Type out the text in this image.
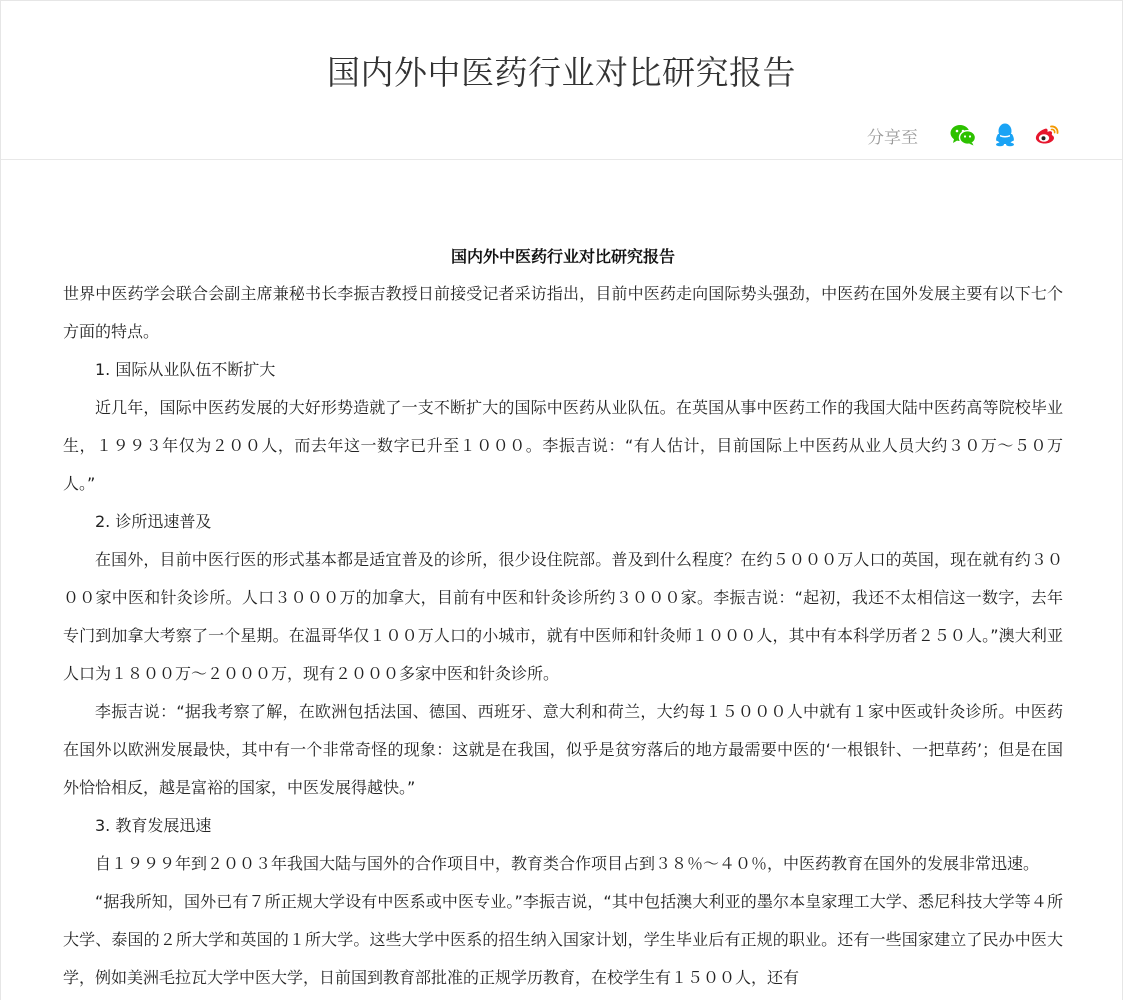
国内外中医药行业对比研究报告
分享至
国内外中医药行业对比研究报告

世界中医药学会联合会副主席兼秘书长李振吉教授日前接受记者采访指出，目前中医药走向国际势头强劲，中医药在国外发展主要有以下七个方面的特点。

1. 国际从业队伍不断扩大

近几年，国际中医药发展的大好形势造就了一支不断扩大的国际中医药从业队伍。在英国从事中医药工作的我国大陆中医药高等院校毕业生，１９９３年仅为２００人，而去年这一数字已升至１０００。李振吉说：“有人估计，目前国际上中医药从业人员大约３０万～５０万人。”

2. 诊所迅速普及

在国外，目前中医行医的形式基本都是适宜普及的诊所，很少设住院部。普及到什么程度？在约５０００万人口的英国，现在就有约３０００家中医和针灸诊所。人口３０００万的加拿大，目前有中医和针灸诊所约３０００家。李振吉说：“起初，我还不太相信这一数字，去年专门到加拿大考察了一个星期。在温哥华仅１００万人口的小城市，就有中医师和针灸师１０００人，其中有本科学历者２５０人。”澳大利亚人口为１８００万～２０００万，现有２０００多家中医和针灸诊所。

李振吉说：“据我考察了解，在欧洲包括法国、德国、西班牙、意大利和荷兰，大约每１５０００人中就有１家中医或针灸诊所。中医药在国外以欧洲发展最快，其中有一个非常奇怪的现象：这就是在我国，似乎是贫穷落后的地方最需要中医的‘一根银针、一把草药’；但是在国外恰恰相反，越是富裕的国家，中医发展得越快。”

3. 教育发展迅速

自１９９９年到２００３年我国大陆与国外的合作项目中，教育类合作项目占到３８％～４０％，中医药教育在国外的发展非常迅速。

“据我所知，国外已有７所正规大学设有中医系或中医专业。”李振吉说，“其中包括澳大利亚的墨尔本皇家理工大学、悉尼科技大学等４所大学、泰国的２所大学和英国的１所大学。这些大学中医系的招生纳入国家计划，学生毕业后有正规的职业。还有一些国家建立了民办中医大学，例如美洲毛拉瓦大学中医大学，日前国到教育部批准的正规学历教育，在校学生有１５００人，还有
